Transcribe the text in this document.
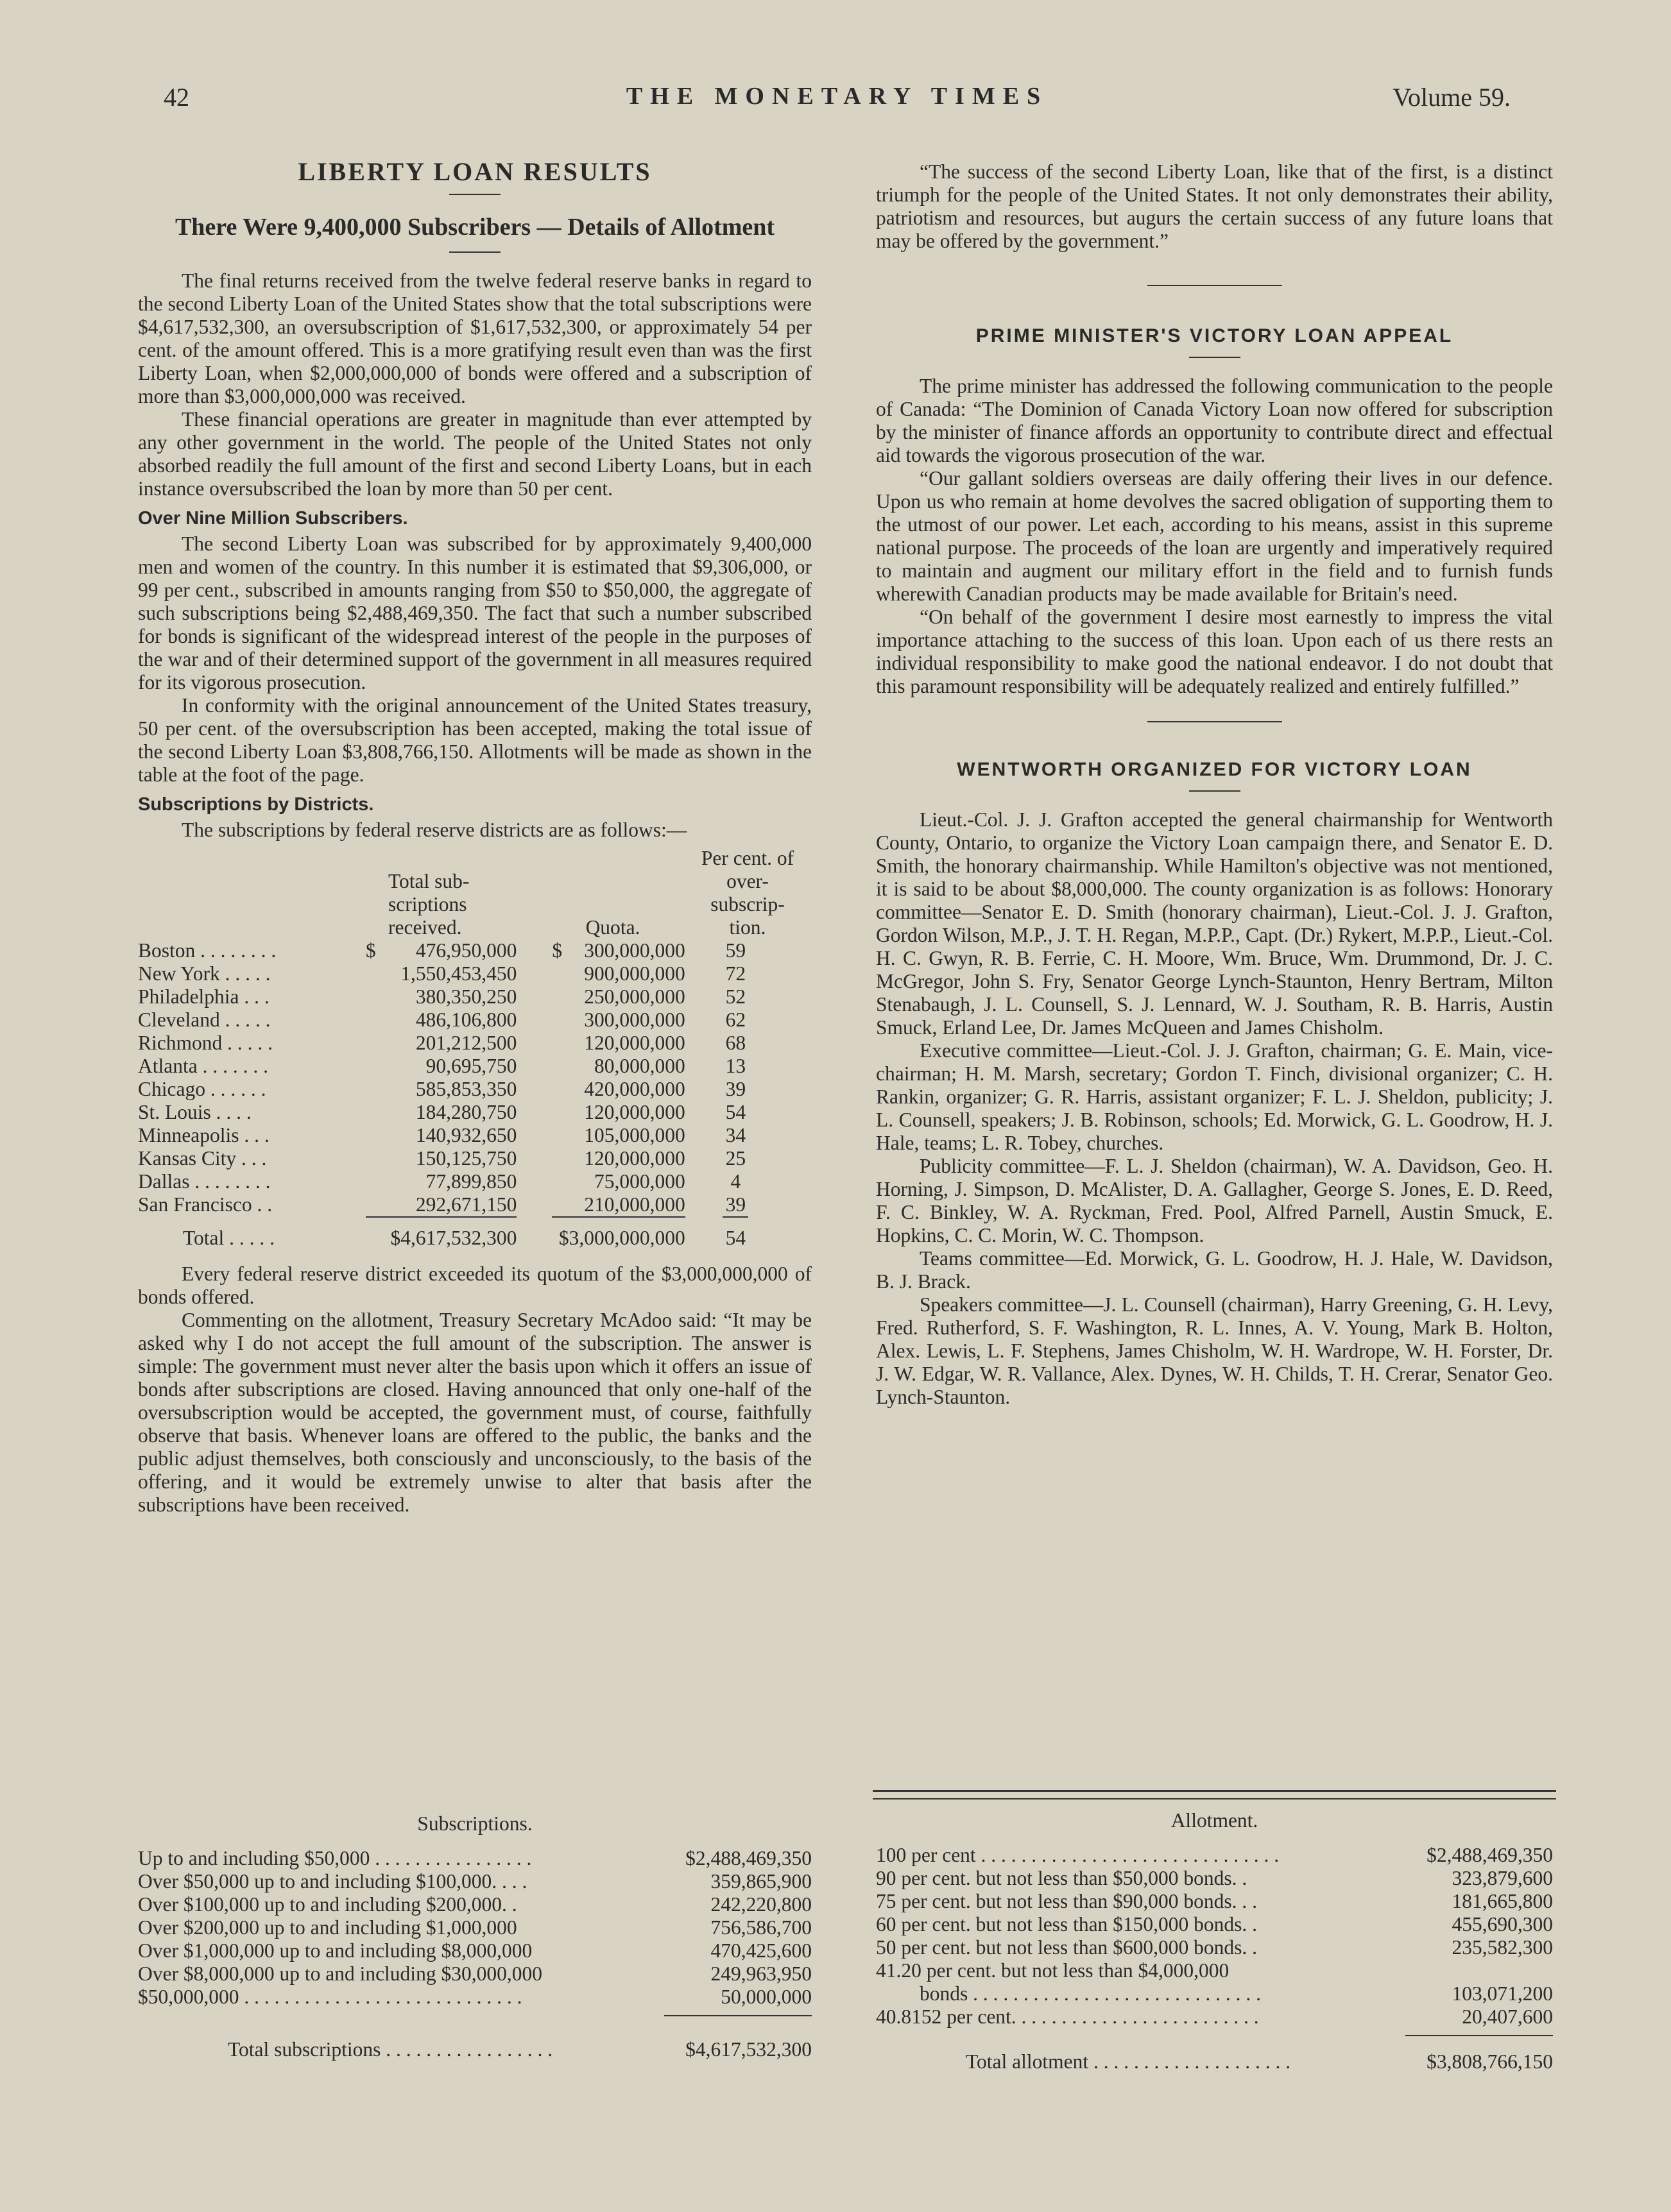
42	THE MONETARY TIMES	Volume 59.
LIBERTY LOAN RESULTS
There Were 9,400,000 Subscribers — Details of Allotment

The final returns received from the twelve federal reserve banks in regard to the second Liberty Loan of the United States show that the total subscriptions were $4,617,532,300, an oversubscription of $1,617,532,300, or approximately 54 per cent. of the amount offered. This is a more gratifying result even than was the first Liberty Loan, when $2,000,000,000 of bonds were offered and a subscription of more than $3,000,000,000 was received.

These financial operations are greater in magnitude than ever attempted by any other government in the world. The people of the United States not only absorbed readily the full amount of the first and second Liberty Loans, but in each instance oversubscribed the loan by more than 50 per cent.

Over Nine Million Subscribers.

The second Liberty Loan was subscribed for by approximately 9,400,000 men and women of the country. In this number it is estimated that $9,306,000, or 99 per cent., subscribed in amounts ranging from $50 to $50,000, the aggregate of such subscriptions being $2,488,469,350. The fact that such a number subscribed for bonds is significant of the widespread interest of the people in the purposes of the war and of their determined support of the government in all measures required for its vigorous prosecution.

In conformity with the original announcement of the United States treasury, 50 per cent. of the oversubscription has been accepted, making the total issue of the second Liberty Loan $3,808,766,150. Allotments will be made as shown in the table at the foot of the page.

Subscriptions by Districts.

The subscriptions by federal reserve districts are as follows:—

Total sub- scriptions received.	Quota.
Per cent. of over- subscrip- tion.
Boston . . . . . . . .	$ 476,950,000	$ 300,000,000	59
New York . . . . .	1,550,453,450	900,000,000	72
Philadelphia . . .	380,350,250	250,000,000	52
Cleveland . . . . .	486,106,800	300,000,000	62
Richmond . . . . .	201,212,500	120,000,000	68
Atlanta . . . . . . .	90,695,750	80,000,000	13
Chicago . . . . . .	585,853,350	420,000,000	39
St. Louis . . . .	184,280,750	120,000,000	54
Minneapolis . . .	140,932,650	105,000,000	34
Kansas City . . .	150,125,750	120,000,000	25
Dallas . . . . . . . .	77,899,850	75,000,000	4
San Francisco . .	292,671,150	210,000,000	39

Total . . . . .	$4,617,532,300	$3,000,000,000	54

Every federal reserve district exceeded its quotum of the $3,000,000,000 of bonds offered.

Commenting on the allotment, Treasury Secretary McAdoo said: “It may be asked why I do not accept the full amount of the subscription. The answer is simple: The government must never alter the basis upon which it offers an issue of bonds after subscriptions are closed. Having announced that only one-half of the oversubscription would be accepted, the government must, of course, faithfully observe that basis. Whenever loans are offered to the public, the banks and the public adjust themselves, both consciously and unconsciously, to the basis of the offering, and it would be extremely unwise to alter that basis after the subscriptions have been received.

“The success of the second Liberty Loan, like that of the first, is a distinct triumph for the people of the United States. It not only demonstrates their ability, patriotism and resources, but augurs the certain success of any future loans that may be offered by the government.”

PRIME MINISTER'S VICTORY LOAN APPEAL

The prime minister has addressed the following communication to the people of Canada: “The Dominion of Canada Victory Loan now offered for subscription by the minister of finance affords an opportunity to contribute direct and effectual aid towards the vigorous prosecution of the war.

“Our gallant soldiers overseas are daily offering their lives in our defence. Upon us who remain at home devolves the sacred obligation of supporting them to the utmost of our power. Let each, according to his means, assist in this supreme national purpose. The proceeds of the loan are urgently and imperatively required to maintain and augment our military effort in the field and to furnish funds wherewith Canadian products may be made available for Britain's need.

“On behalf of the government I desire most earnestly to impress the vital importance attaching to the success of this loan. Upon each of us there rests an individual responsibility to make good the national endeavor. I do not doubt that this paramount responsibility will be adequately realized and entirely fulfilled.”

WENTWORTH ORGANIZED FOR VICTORY LOAN

Lieut.-Col. J. J. Grafton accepted the general chairmanship for Wentworth County, Ontario, to organize the Victory Loan campaign there, and Senator E. D. Smith, the honorary chairmanship. While Hamilton's objective was not mentioned, it is said to be about $8,000,000. The county organization is as follows: Honorary committee—Senator E. D. Smith (honorary chairman), Lieut.-Col. J. J. Grafton, Gordon Wilson, M.P., J. T. H. Regan, M.P.P., Capt. (Dr.) Rykert, M.P.P., Lieut.-Col. H. C. Gwyn, R. B. Ferrie, C. H. Moore, Wm. Bruce, Wm. Drummond, Dr. J. C. McGregor, John S. Fry, Senator George Lynch-Staunton, Henry Bertram, Milton Stenabaugh, J. L. Counsell, S. J. Lennard, W. J. Southam, R. B. Harris, Austin Smuck, Erland Lee, Dr. James McQueen and James Chisholm.

Executive committee—Lieut.-Col. J. J. Grafton, chairman; G. E. Main, vice-chairman; H. M. Marsh, secretary; Gordon T. Finch, divisional organizer; C. H. Rankin, organizer; G. R. Harris, assistant organizer; F. L. J. Sheldon, publicity; J. L. Counsell, speakers; J. B. Robinson, schools; Ed. Morwick, G. L. Goodrow, H. J. Hale, teams; L. R. Tobey, churches.

Publicity committee—F. L. J. Sheldon (chairman), W. A. Davidson, Geo. H. Horning, J. Simpson, D. McAlister, D. A. Gallagher, George S. Jones, E. D. Reed, F. C. Binkley, W. A. Ryckman, Fred. Pool, Alfred Parnell, Austin Smuck, E. Hopkins, C. C. Morin, W. C. Thompson.

Teams committee—Ed. Morwick, G. L. Goodrow, H. J. Hale, W. Davidson, B. J. Brack.

Speakers committee—J. L. Counsell (chairman), Harry Greening, G. H. Levy, Fred. Rutherford, S. F. Washington, R. L. Innes, A. V. Young, Mark B. Holton, Alex. Lewis, L. F. Stephens, James Chisholm, W. H. Wardrope, W. H. Forster, Dr. J. W. Edgar, W. R. Vallance, Alex. Dynes, W. H. Childs, T. H. Crerar, Senator Geo. Lynch-Staunton.

Subscriptions.
Up to and including $50,000 . . . . . . . . . . . . . . . .	$2,488,469,350
Over $50,000 up to and including $100,000. . . .	359,865,900
Over $100,000 up to and including $200,000. .	242,220,800
Over $200,000 up to and including $1,000,000	756,586,700
Over $1,000,000 up to and including $8,000,000	470,425,600
Over $8,000,000 up to and including $30,000,000	249,963,950
$50,000,000 . . . . . . . . . . . . . . . . . . . . . . . . . . . .	50,000,000
Total subscriptions . . . . . . . . . . . . . . . . .	$4,617,532,300
Allotment.
100 per cent . . . . . . . . . . . . . . . . . . . . . . . . . . . . . .	$2,488,469,350
90 per cent. but not less than $50,000 bonds. .	323,879,600
75 per cent. but not less than $90,000 bonds. . .	181,665,800
60 per cent. but not less than $150,000 bonds. .	455,690,300
50 per cent. but not less than $600,000 bonds. .	235,582,300
41.20 per cent. but not less than $4,000,000
bonds . . . . . . . . . . . . . . . . . . . . . . . . . . . . .	103,071,200
40.8152 per cent. . . . . . . . . . . . . . . . . . . . . . . . .	20,407,600
Total allotment . . . . . . . . . . . . . . . . . . . .	$3,808,766,150
